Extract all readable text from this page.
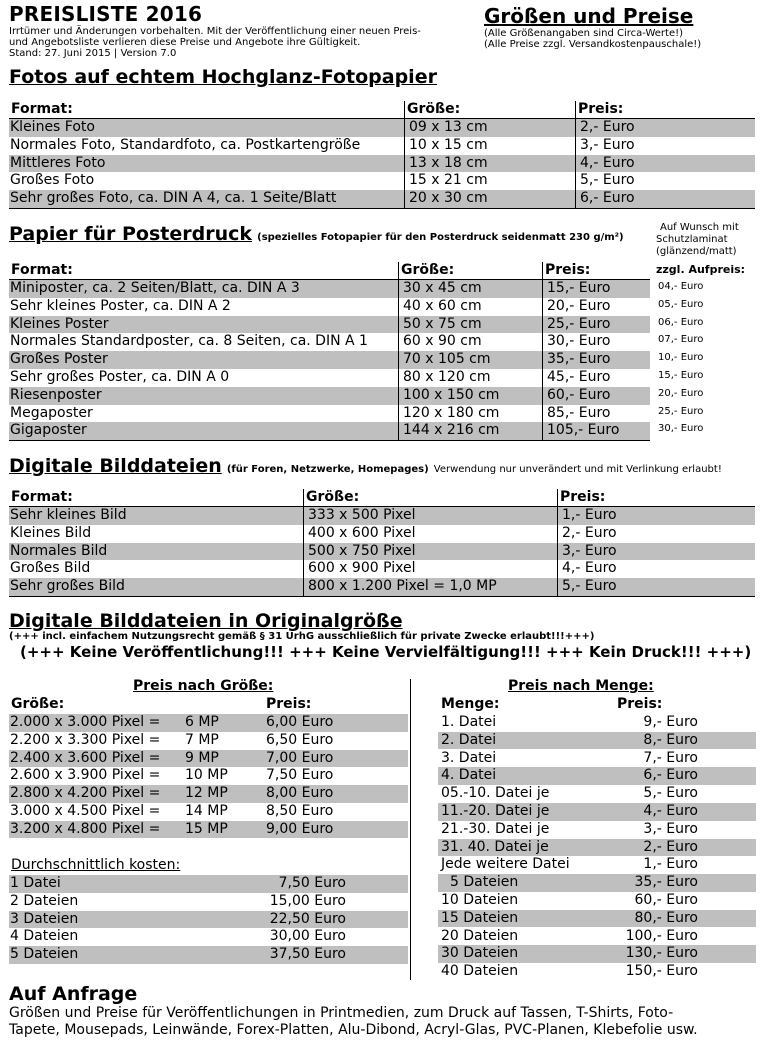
PREISLISTE 2016
Irrtümer und Änderungen vorbehalten. Mit der Veröffentlichung einer neuen Preis-
und Angebotsliste verlieren diese Preise und Angebote ihre Gültigkeit.
Stand: 27. Juni 2015 | Version 7.0
Größen und Preise
(Alle Größenangaben sind Circa-Werte!)
(Alle Preise zzgl. Versandkostenpauschale!)
Fotos auf echtem Hochglanz-Fotopapier
Format:	Größe:	Preis:
Kleines Foto	09 x 13 cm	2,- Euro
Normales Foto, Standardfoto, ca. Postkartengröße	10 x 15 cm	3,- Euro
Mittleres Foto	13 x 18 cm	4,- Euro
Großes Foto	15 x 21 cm	5,- Euro
Sehr großes Foto, ca. DIN A 4, ca. 1 Seite/Blatt	20 x 30 cm	6,- Euro
Papier für Posterdruck (spezielles Fotopapier für den Posterdruck seidenmatt 230 g/m²)
Auf Wunsch mit
Schutzlaminat
(glänzend/matt)
zzgl. Aufpreis:
Format:	Größe:	Preis:
Miniposter, ca. 2 Seiten/Blatt, ca. DIN A 3	30 x 45 cm	15,- Euro	04,- Euro
Sehr kleines Poster, ca. DIN A 2	40 x 60 cm	20,- Euro	05,- Euro
Kleines Poster	50 x 75 cm	25,- Euro	06,- Euro
Normales Standardposter, ca. 8 Seiten, ca. DIN A 1	60 x 90 cm	30,- Euro	07,- Euro
Großes Poster	70 x 105 cm	35,- Euro	10,- Euro
Sehr großes Poster, ca. DIN A 0	80 x 120 cm	45,- Euro	15,- Euro
Riesenposter	100 x 150 cm	60,- Euro	20,- Euro
Megaposter	120 x 180 cm	85,- Euro	25,- Euro
Gigaposter	144 x 216 cm	105,- Euro	30,- Euro
Digitale Bilddateien (für Foren, Netzwerke, Homepages) Verwendung nur unverändert und mit Verlinkung erlaubt!
Format:	Größe:	Preis:
Sehr kleines Bild	333 x 500 Pixel	1,- Euro
Kleines Bild	400 x 600 Pixel	2,- Euro
Normales Bild	500 x 750 Pixel	3,- Euro
Großes Bild	600 x 900 Pixel	4,- Euro
Sehr großes Bild	800 x 1.200 Pixel = 1,0 MP	5,- Euro
Digitale Bilddateien in Originalgröße
(+++ incl. einfachem Nutzungsrecht gemäß § 31 UrhG ausschließlich für private Zwecke erlaubt!!!+++)
(+++ Keine Veröffentlichung!!! +++ Keine Vervielfältigung!!! +++ Kein Druck!!! +++)
Preis nach Größe:
Größe:	Preis:
2.000 x 3.000 Pixel = 6 MP	6,00 Euro
2.200 x 3.300 Pixel = 7 MP	6,50 Euro
2.400 x 3.600 Pixel = 9 MP	7,00 Euro
2.600 x 3.900 Pixel = 10 MP	7,50 Euro
2.800 x 4.200 Pixel = 12 MP	8,00 Euro
3.000 x 4.500 Pixel = 14 MP	8,50 Euro
3.200 x 4.800 Pixel = 15 MP	9,00 Euro
Durchschnittlich kosten:
1 Datei	7,50 Euro
2 Dateien	15,00 Euro
3 Dateien	22,50 Euro
4 Dateien	30,00 Euro
5 Dateien	37,50 Euro
Preis nach Menge:
Menge:	Preis:
1. Datei	9,- Euro
2. Datei	8,- Euro
3. Datei	7,- Euro
4. Datei	6,- Euro
05.-10. Datei je	5,- Euro
11.-20. Datei je	4,- Euro
21.-30. Datei je	3,- Euro
31. 40. Datei je	2,- Euro
Jede weitere Datei	1,- Euro
5 Dateien	35,- Euro
10 Dateien	60,- Euro
15 Dateien	80,- Euro
20 Dateien	100,- Euro
30 Dateien	130,- Euro
40 Dateien	150,- Euro
Auf Anfrage
Größen und Preise für Veröffentlichungen in Printmedien, zum Druck auf Tassen, T-Shirts, Foto-
Tapete, Mousepads, Leinwände, Forex-Platten, Alu-Dibond, Acryl-Glas, PVC-Planen, Klebefolie usw.
